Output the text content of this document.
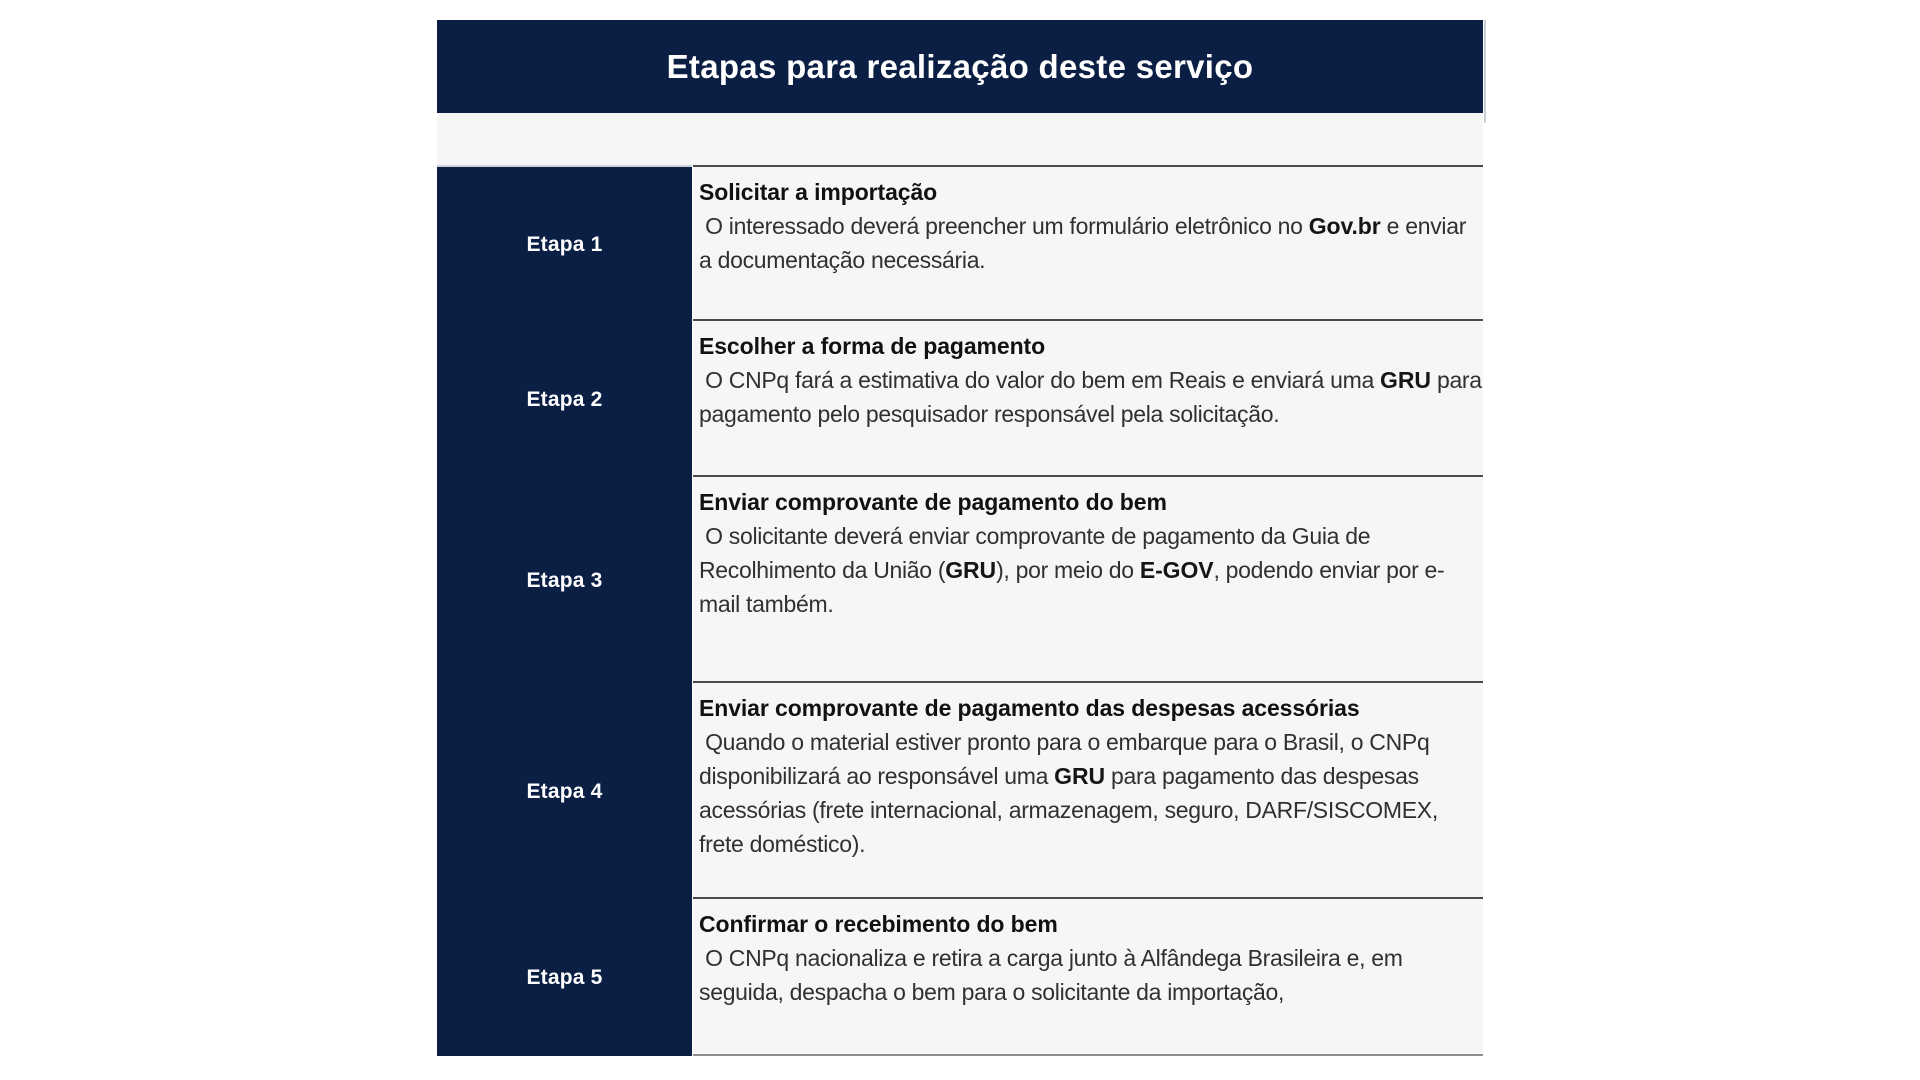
Etapas para realização deste serviço
Etapa 1
Etapa 2
Etapa 3
Etapa 4
Etapa 5
Solicitar a importação
O interessado deverá preencher um formulário eletrônico no Gov.br e enviar a documentação necessária.
Escolher a forma de pagamento
O CNPq fará a estimativa do valor do bem em Reais e enviará uma GRU para pagamento pelo pesquisador responsável pela solicitação.
Enviar comprovante de pagamento do bem
O solicitante deverá enviar comprovante de pagamento da Guia de Recolhimento da União (GRU), por meio do E-GOV, podendo enviar por e-mail também.
Enviar comprovante de pagamento das despesas acessórias
Quando o material estiver pronto para o embarque para o Brasil, o CNPq disponibilizará ao responsável uma GRU para pagamento das despesas acessórias (frete internacional, armazenagem, seguro, DARF/SISCOMEX, frete doméstico).
Confirmar o recebimento do bem
O CNPq nacionaliza e retira a carga junto à Alfândega Brasileira e, em seguida, despacha o bem para o solicitante da importação,
